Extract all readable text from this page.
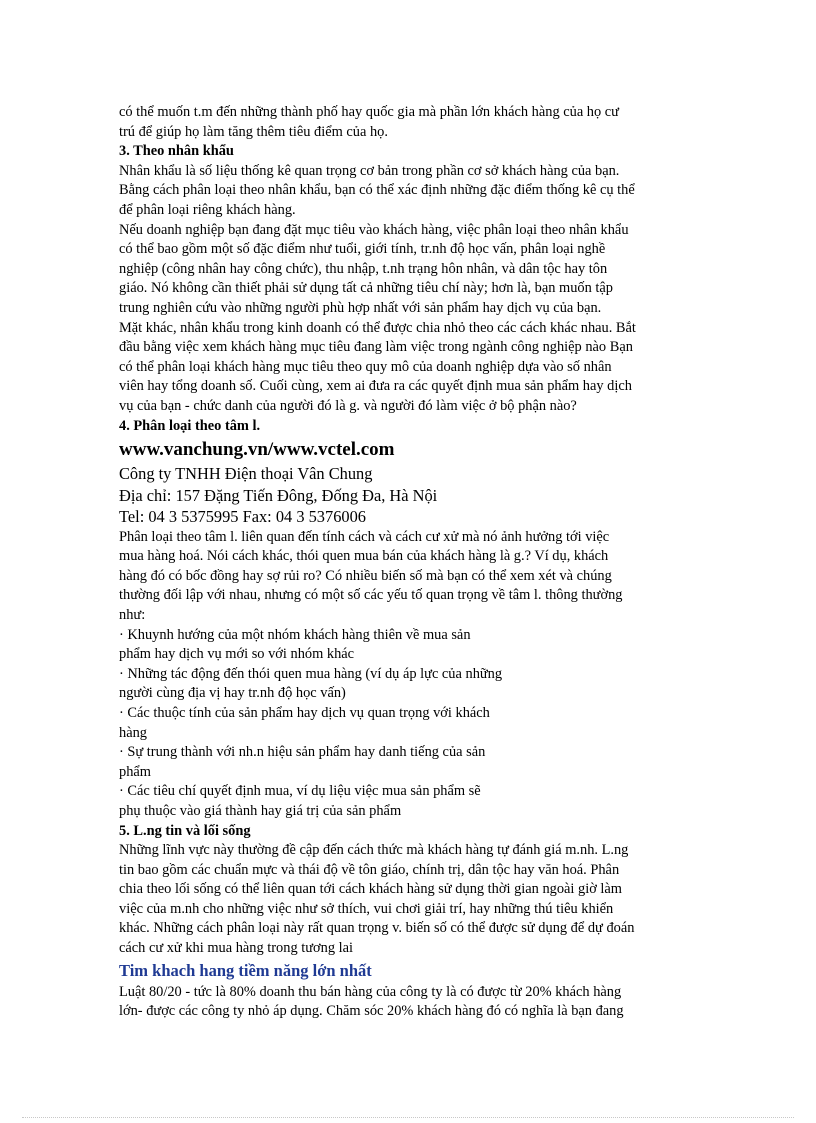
có thể muốn t.m đến những thành phố hay quốc gia mà phần lớn khách hàng của họ cư
trú để giúp họ làm tăng thêm tiêu điểm của họ.
3. Theo nhân khẩu
Nhân khẩu là số liệu thống kê quan trọng cơ bản trong phần cơ sở khách hàng của bạn.
Bằng cách phân loại theo nhân khẩu, bạn có thể xác định những đặc điểm thống kê cụ thể
để phân loại riêng khách hàng.
Nếu doanh nghiệp bạn đang đặt mục tiêu vào khách hàng, việc phân loại theo nhân khẩu
có thể bao gồm một số đặc điểm như tuổi, giới tính, tr.nh độ học vấn, phân loại nghề
nghiệp (công nhân hay công chức), thu nhập, t.nh trạng hôn nhân, và dân tộc hay tôn
giáo. Nó không cần thiết phải sử dụng tất cả những tiêu chí này; hơn là, bạn muốn tập
trung nghiên cứu vào những người phù hợp nhất với sản phẩm hay dịch vụ của bạn.
Mặt khác, nhân khẩu trong kinh doanh có thể được chia nhỏ theo các cách khác nhau. Bắt
đầu bằng việc xem khách hàng mục tiêu đang làm việc trong ngành công nghiệp nào Bạn
có thể phân loại khách hàng mục tiêu theo quy mô của doanh nghiệp dựa vào số nhân
viên hay tổng doanh số. Cuối cùng, xem ai đưa ra các quyết định mua sản phẩm hay dịch
vụ của bạn - chức danh của người đó là g. và người đó làm việc ở bộ phận nào?
4. Phân loại theo tâm l.
www.vanchung.vn/www.vctel.com
Công ty TNHH Điện thoại Vân Chung
Địa chỉ: 157 Đặng Tiến Đông, Đống Đa, Hà Nội
Tel: 04 3 5375995 Fax: 04 3 5376006
Phân loại theo tâm l. liên quan đến tính cách và cách cư xử mà nó ảnh hưởng tới việc
mua hàng hoá. Nói cách khác, thói quen mua bán của khách hàng là g.? Ví dụ, khách
hàng đó có bốc đồng hay sợ rủi ro? Có nhiều biến số mà bạn có thể xem xét và chúng
thường đối lập với nhau, nhưng có một số các yếu tố quan trọng về tâm l. thông thường
như:
· Khuynh hướng của một nhóm khách hàng thiên về mua sản
phẩm hay dịch vụ mới so với nhóm khác
· Những tác động đến thói quen mua hàng (ví dụ áp lực của những
người cùng địa vị hay tr.nh độ học vấn)
· Các thuộc tính của sản phẩm hay dịch vụ quan trọng với khách
hàng
· Sự trung thành với nh.n hiệu sản phẩm hay danh tiếng của sản
phẩm
· Các tiêu chí quyết định mua, ví dụ liệu việc mua sản phẩm sẽ
phụ thuộc vào giá thành hay giá trị của sản phẩm
5. L.ng tin và lối sống
Những lĩnh vực này thường đề cập đến cách thức mà khách hàng tự đánh giá m.nh. L.ng
tin bao gồm các chuẩn mực và thái độ về tôn giáo, chính trị, dân tộc hay văn hoá. Phân
chia theo lối sống có thể liên quan tới cách khách hàng sử dụng thời gian ngoài giờ làm
việc của m.nh cho những việc như sở thích, vui chơi giải trí, hay những thú tiêu khiển
khác. Những cách phân loại này rất quan trọng v. biến số có thể được sử dụng để dự đoán
cách cư xử khi mua hàng trong tương lai
Tim khach hang tiềm năng lớn nhất
Luật 80/20 - tức là 80% doanh thu bán hàng của công ty là có được từ 20% khách hàng
lớn- được các công ty nhỏ áp dụng. Chăm sóc 20% khách hàng đó có nghĩa là bạn đang
